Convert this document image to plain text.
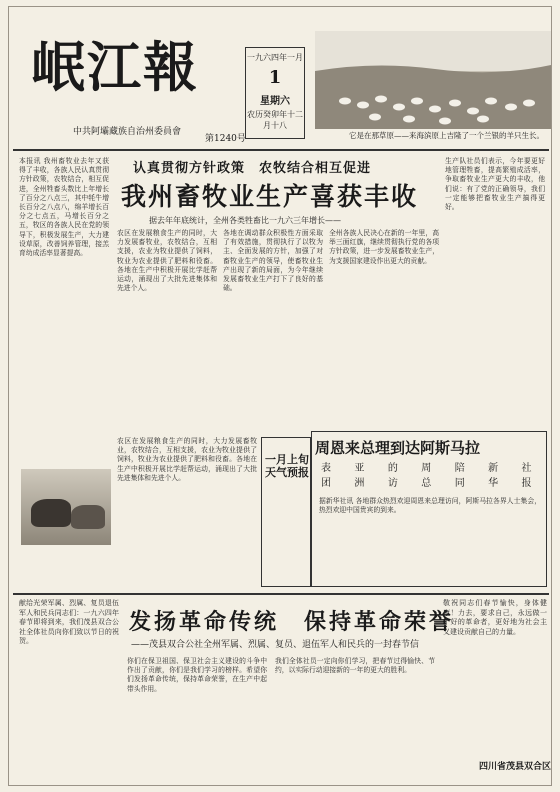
岷江報
中共阿壩藏族自治州委員會
第1240号
一九六四年一月
1
星期六
农历癸卯年十二月十八
它是在那草原——来海滨原上吉隆了一个兰银的羊只生长。
认真贯彻方针政策　农牧结合相互促进
我州畜牧业生产喜获丰收
据去年年底统计，全州各类牲畜比一九六三年增长——
本报讯 我州畜牧业去年又获得了丰收，各族人民认真贯彻方针政策，农牧结合，相互促进，全州牲畜头数比上年增长了百分之八点三，其中牦牛增长百分之八点八，绵羊增长百分之七点五，马增长百分之五，牧区的各族人民在党的领导下，积极发展生产，大力建设草原，改善饲养管理，接羔育幼成活率显著提高。
农区在发展粮食生产的同时，大力发展畜牧业，农牧结合，互相支援，农业为牧业提供了饲料，牧业为农业提供了肥料和役畜。各地在生产中积极开展比学赶帮运动，涌现出了大批先进集体和先进个人。
各地在调动群众积极性方面采取了有效措施，贯彻执行了以牧为主、全面发展的方针，加强了对畜牧业生产的领导，使畜牧业生产出现了新的局面，为今年继续发展畜牧业生产打下了良好的基础。
全州各族人民决心在新的一年里，高举三面红旗，继续贯彻执行党的各项方针政策，进一步发展畜牧业生产，为支援国家建设作出更大的贡献。
生产队社员们表示，今年要更好地管理牲畜，提高繁殖成活率，争取畜牧业生产更大的丰收，他们说：有了党的正确领导，我们一定能够把畜牧业生产搞得更好。
农区在发展粮食生产的同时，大力发展畜牧业，农牧结合，互相支援，农业为牧业提供了饲料，牧业为农业提供了肥料和役畜。各地在生产中积极开展比学赶帮运动，涌现出了大批先进集体和先进个人。
一月上旬天气预报
周恩来总理到达阿斯马拉
表团
亚洲
的访
周总
陪同
新华
社报
据新华社讯 各地群众热烈欢迎周恩来总理访问，阿斯马拉各界人士集会，热烈欢迎中国贵宾的到来。
发扬革命传统　保持革命荣誉
——茂县双合公社全州军属、烈属、复员、退伍军人和民兵的一封春节信
献给光荣军属、烈属、复员退伍军人和民兵同志们：一九六四年春节即将到来，我们茂县双合公社全体社员向你们致以节日的祝贺。
你们在保卫祖国、保卫社会主义建设的斗争中作出了贡献，你们是我们学习的榜样。希望你们发扬革命传统，保持革命荣誉，在生产中起带头作用。
我们全体社员一定向你们学习，把春节过得愉快、节约，以实际行动迎接新的一年的更大的胜利。
敬祝同志们春节愉快，身体健康！力去，要求自己，永远做一个好的革命者，更好地为社会主义建设贡献自己的力量。
四川省茂县双合区
